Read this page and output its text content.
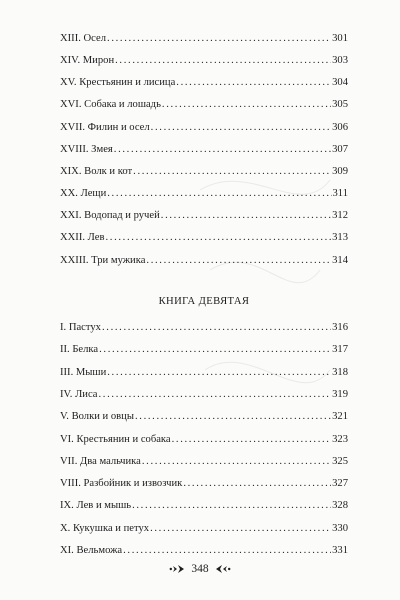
XIII. Осел . . .	301
XIV. Мирон . . .	303
XV. Крестьянин и лисица . . .	304
XVI. Собака и лошадь . . .	305
XVII. Филин и осел . . .	306
XVIII. Змея . . .	307
XIX. Волк и кот . . .	309
XX. Лещи . . .	311
XXI. Водопад и ручей . . .	312
XXII. Лев . . .	313
XXIII. Три мужика . . .	314
I. Пастух . . .	316
II. Белка . . .	317
III. Мыши . . .	318
IV. Лиса . . .	319
V. Волки и овцы . . .	321
VI. Крестьянин и собака . . .	323
VII. Два мальчика . . .	325
VIII. Разбойник и извозчик . . .	327
IX. Лев и мышь . . .	328
X. Кукушка и петух . . .	330
XI. Вельможа . . .	331
КНИГА ДЕВЯТАЯ
348
